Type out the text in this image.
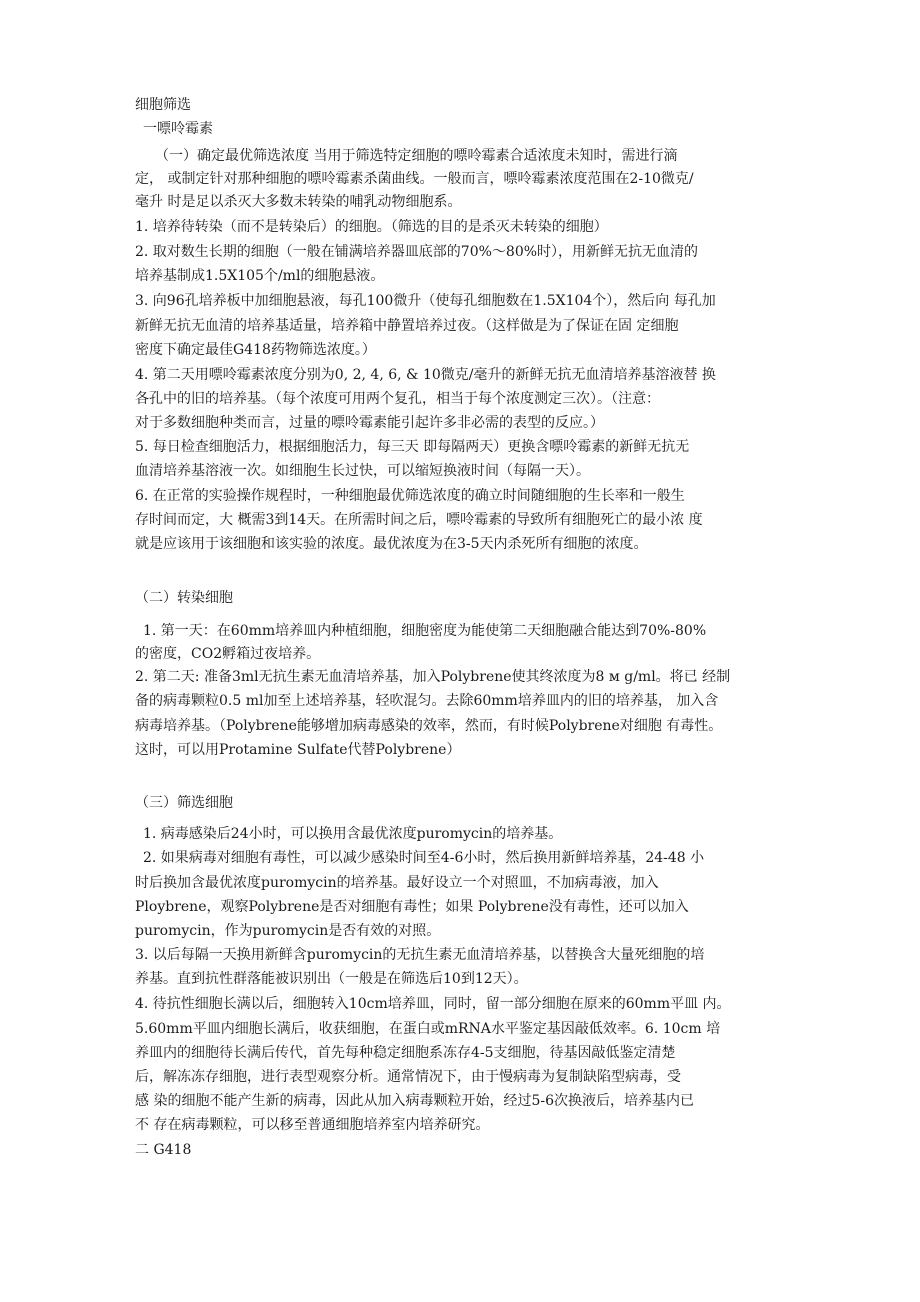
细胞筛选
一嘌呤霉素
（一）确定最优筛选浓度 当用于筛选特定细胞的嘌呤霉素合适浓度未知时，需进行滴
定， 或制定针对那种细胞的嘌呤霉素杀菌曲线。一般而言，嘌呤霉素浓度范围在2-10微克/
毫升 时是足以杀灭大多数未转染的哺乳动物细胞系。
1. 培养待转染（而不是转染后）的细胞。（筛选的目的是杀灭未转染的细胞）
2. 取对数生长期的细胞（一般在铺满培养器皿底部的70%〜80%时），用新鲜无抗无血清的
培养基制成1.5X105个/ml的细胞悬液。
3. 向96孔培养板中加细胞悬液，每孔100微升（使每孔细胞数在1.5X104个），然后向 每孔加
新鲜无抗无血清的培养基适量，培养箱中静置培养过夜。（这样做是为了保证在固 定细胞
密度下确定最佳G418药物筛选浓度。）
4. 第二天用嘌呤霉素浓度分别为0, 2, 4, 6, & 10微克/毫升的新鲜无抗无血清培养基溶液替 换
各孔中的旧的培养基。（每个浓度可用两个复孔，相当于每个浓度测定三次）。（注意：
对于多数细胞种类而言，过量的嘌呤霉素能引起许多非必需的表型的反应。）
5. 每日检查细胞活力，根据细胞活力，每三天 即每隔两天）更换含嘌呤霉素的新鲜无抗无
血清培养基溶液一次。如细胞生长过快，可以缩短换液时间（每隔一天）。
6. 在正常的实验操作规程时，一种细胞最优筛选浓度的确立时间随细胞的生长率和一般生
存时间而定，大 概需3到14天。在所需时间之后，嘌呤霉素的导致所有细胞死亡的最小浓 度
就是应该用于该细胞和该实验的浓度。最优浓度为在3-5天内杀死所有细胞的浓度。
（二）转染细胞
1. 第一天：在60mm培养皿内种植细胞，细胞密度为能使第二天细胞融合能达到70%-80%
的密度，CO2孵箱过夜培养。
2. 第二天: 准备3ml无抗生素无血清培养基，加入Polybrene使其终浓度为8 ᴍ g/ml。将已 经制
备的病毒颗粒0.5 ml加至上述培养基，轻吹混匀。去除60mm培养皿内的旧的培养基， 加入含
病毒培养基。（Polybrene能够增加病毒感染的效率，然而，有时候Polybrene对细胞 有毒性。
这时，可以用Protamine Sulfate代替Polybrene）
（三）筛选细胞
1. 病毒感染后24小时，可以换用含最优浓度puromycin的培养基。
2. 如果病毒对细胞有毒性，可以减少感染时间至4-6小时，然后换用新鲜培养基，24-48 小
时后换加含最优浓度puromycin的培养基。最好设立一个对照皿，不加病毒液，加入
Ploybrene，观察Polybrene是否对细胞有毒性；如果 Polybrene没有毒性，还可以加入
puromycin，作为puromycin是否有效的对照。
3. 以后每隔一天换用新鲜含puromycin的无抗生素无血清培养基，以替换含大量死细胞的培
养基。直到抗性群落能被识别出（一般是在筛选后10到12天）。
4. 待抗性细胞长满以后，细胞转入10cm培养皿，同时，留一部分细胞在原来的60mm平皿 内。
5.60mm平皿内细胞长满后，收获细胞，在蛋白或mRNA水平鉴定基因敲低效率。6. 10cm 培
养皿内的细胞待长满后传代，首先每种稳定细胞系冻存4-5支细胞，待基因敲低鉴定清楚
后，解冻冻存细胞，进行表型观察分析。通常情况下，由于慢病毒为复制缺陷型病毒，受
感 染的细胞不能产生新的病毒，因此从加入病毒颗粒开始，经过5-6次换液后，培养基内已
不 存在病毒颗粒，可以移至普通细胞培养室内培养研究。
二 G418
